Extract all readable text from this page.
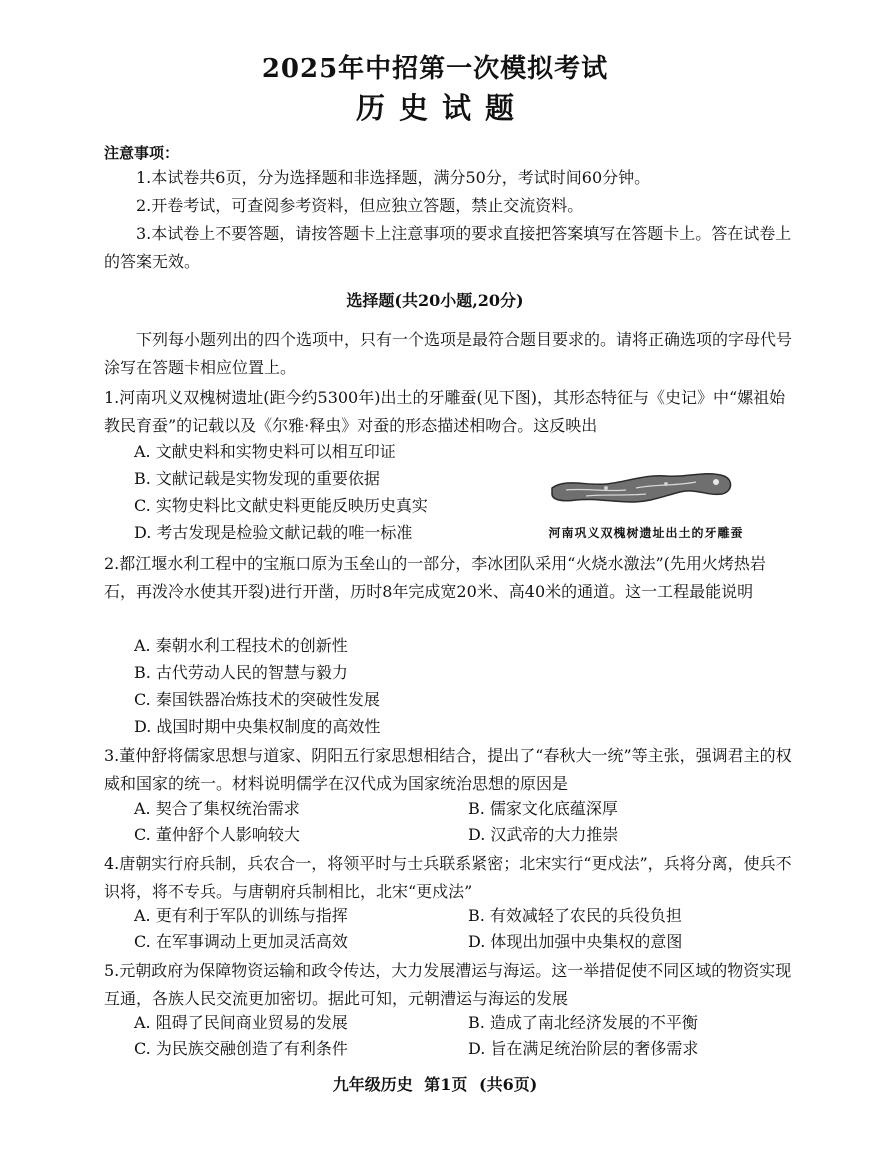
2025年中招第一次模拟考试
历史试题
注意事项：
1.本试卷共6页，分为选择题和非选择题，满分50分，考试时间60分钟。
2.开卷考试，可查阅参考资料，但应独立答题，禁止交流资料。
3.本试卷上不要答题，请按答题卡上注意事项的要求直接把答案填写在答题卡上。答在试卷上的答案无效。
选择题(共20小题,20分)
下列每小题列出的四个选项中，只有一个选项是最符合题目要求的。请将正确选项的字母代号涂写在答题卡相应位置上。
1.河南巩义双槐树遗址(距今约5300年)出土的牙雕蚕(见下图)，其形态特征与《史记》中“嫘祖始教民育蚕”的记载以及《尔雅·释虫》对蚕的形态描述相吻合。这反映出
A. 文献史料和实物史料可以相互印证
B. 文献记载是实物发现的重要依据
C. 实物史料比文献史料更能反映历史真实
D. 考古发现是检验文献记载的唯一标准	河南巩义双槐树遗址出土的牙雕蚕
2.都江堰水利工程中的宝瓶口原为玉垒山的一部分，李冰团队采用“火烧水激法”(先用火烤热岩石，再泼冷水使其开裂)进行开凿，历时8年完成宽20米、高40米的通道。这一工程最能说明
A. 秦朝水利工程技术的创新性
B. 古代劳动人民的智慧与毅力
C. 秦国铁器冶炼技术的突破性发展
D. 战国时期中央集权制度的高效性
3.董仲舒将儒家思想与道家、阴阳五行家思想相结合，提出了“春秋大一统”等主张，强调君主的权威和国家的统一。材料说明儒学在汉代成为国家统治思想的原因是
A. 契合了集权统治需求	B. 儒家文化底蕴深厚
C. 董仲舒个人影响较大	D. 汉武帝的大力推崇
4.唐朝实行府兵制，兵农合一，将领平时与士兵联系紧密；北宋实行“更戍法”，兵将分离，使兵不识将，将不专兵。与唐朝府兵制相比，北宋“更戍法”
A. 更有利于军队的训练与指挥	B. 有效减轻了农民的兵役负担
C. 在军事调动上更加灵活高效	D. 体现出加强中央集权的意图
5.元朝政府为保障物资运输和政令传达，大力发展漕运与海运。这一举措促使不同区域的物资实现互通，各族人民交流更加密切。据此可知，元朝漕运与海运的发展
A. 阻碍了民间商业贸易的发展	B. 造成了南北经济发展的不平衡
C. 为民族交融创造了有利条件	D. 旨在满足统治阶层的奢侈需求
九年级历史 第1页 (共6页)
